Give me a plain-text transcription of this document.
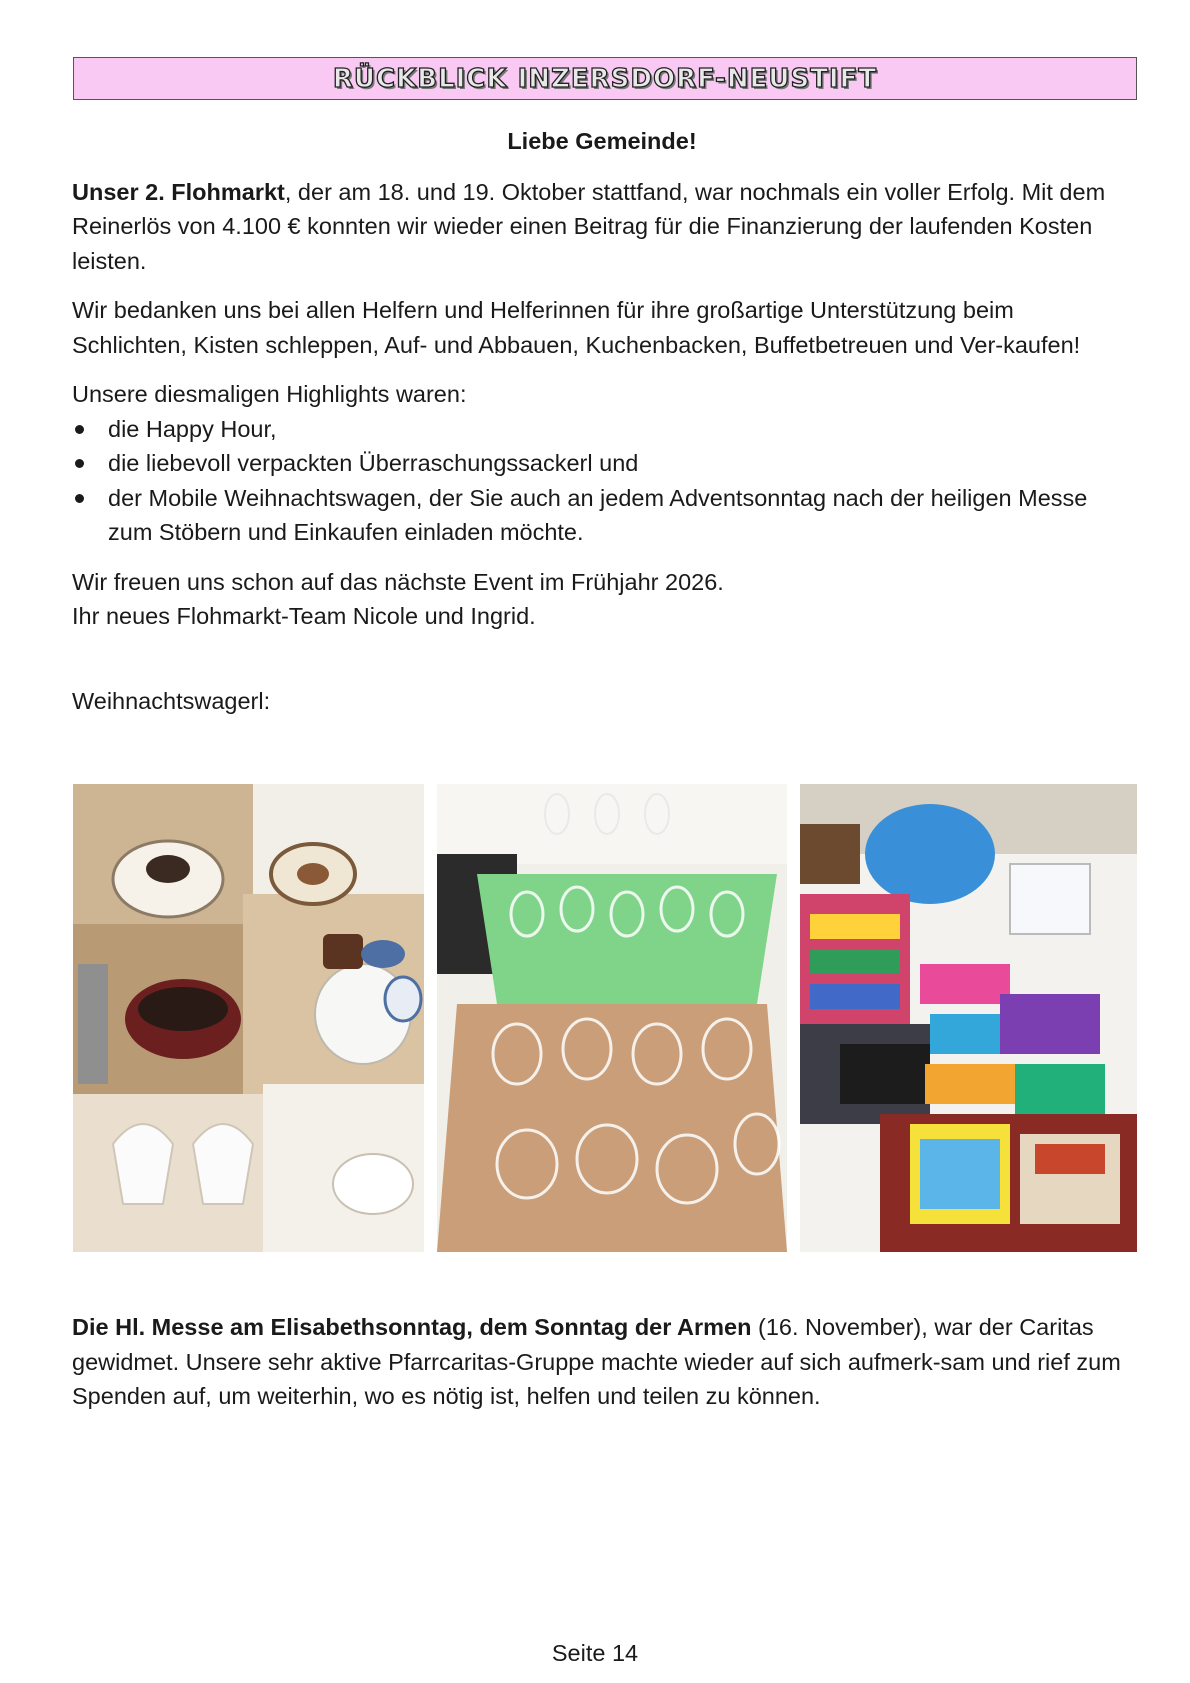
RÜCKBLICK INZERSDORF-NEUSTIFT

Liebe Gemeinde!

Unser 2. Flohmarkt, der am 18. und 19. Oktober stattfand, war nochmals ein voller Erfolg. Mit dem Reinerlös von 4.100 € konnten wir wieder einen Beitrag für die Finanzierung der laufenden Kosten leisten.

Wir bedanken uns bei allen Helfern und Helferinnen für ihre großartige Unterstützung beim Schlichten, Kisten schleppen, Auf- und Abbauen, Kuchenbacken, Buffetbetreuen und Ver-kaufen!

Unsere diesmaligen Highlights waren:

die Happy Hour,
die liebevoll verpackten Überraschungssackerl und
der Mobile Weihnachtswagen, der Sie auch an jedem Adventsonntag nach der heiligen Messe zum Stöbern und Einkaufen einladen möchte.

Wir freuen uns schon auf das nächste Event im Frühjahr 2026.

Ihr neues Flohmarkt-Team Nicole und Ingrid.

Weihnachtswagerl:

Die Hl. Messe am Elisabethsonntag, dem Sonntag der Armen (16. November), war der Caritas gewidmet. Unsere sehr aktive Pfarrcaritas-Gruppe machte wieder auf sich aufmerk-sam und rief zum Spenden auf, um weiterhin, wo es nötig ist, helfen und teilen zu können.

Seite 14
